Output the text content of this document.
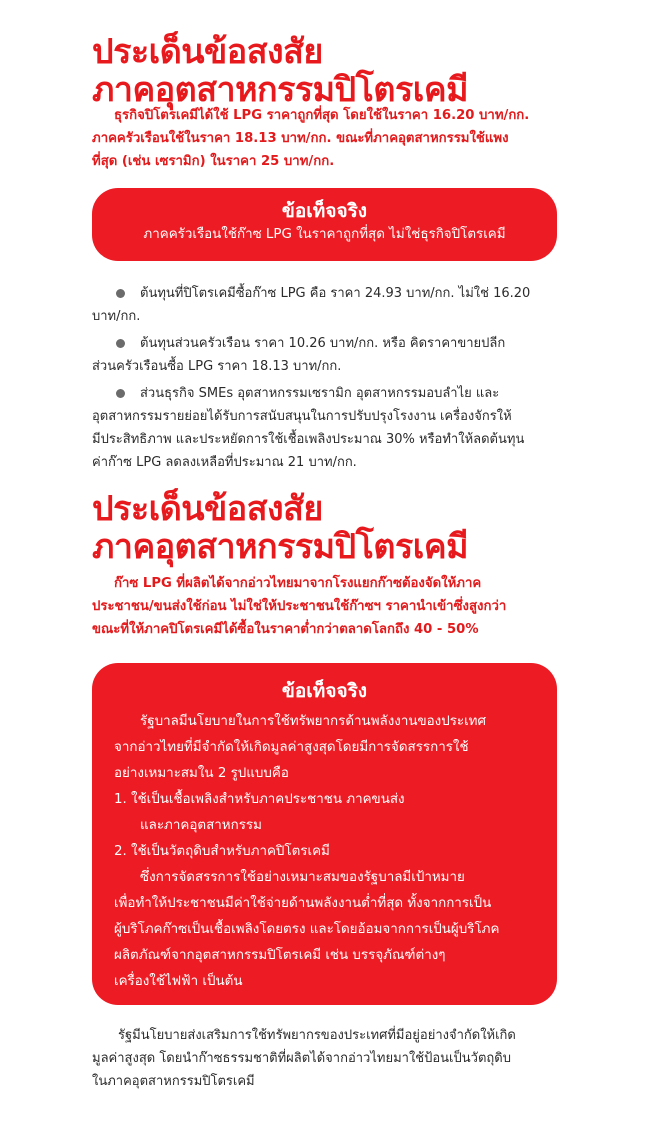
ประเด็นข้อสงสัย
ภาคอุตสาหกรรมปิโตรเคมี

ธุรกิจปิโตรเคมีได้ใช้ LPG ราคาถูกที่สุด โดยใช้ในราคา 16.20 บาท/กก.
ภาคครัวเรือนใช้ในราคา 18.13 บาท/กก. ขณะที่ภาคอุตสาหกรรมใช้แพง
ที่สุด (เช่น เซรามิก) ในราคา 25 บาท/กก.

ข้อเท็จจริง

ภาคครัวเรือนใช้ก๊าซ LPG ในราคาถูกที่สุด ไม่ใช่ธุรกิจปิโตรเคมี
ต้นทุนที่ปิโตรเคมีซื้อก๊าซ LPG คือ ราคา 24.93 บาท/กก. ไม่ใช่ 16.20
บาท/กก.
ต้นทุนส่วนครัวเรือน ราคา 10.26 บาท/กก. หรือ คิดราคาขายปลีก
ส่วนครัวเรือนซื้อ LPG ราคา 18.13 บาท/กก.
ส่วนธุรกิจ SMEs อุตสาหกรรมเซรามิก อุตสาหกรรมอบลำไย และ
อุตสาหกรรมรายย่อยได้รับการสนับสนุนในการปรับปรุงโรงงาน เครื่องจักรให้
มีประสิทธิภาพ และประหยัดการใช้เชื้อเพลิงประมาณ 30% หรือทำให้ลดต้นทุน
ค่าก๊าซ LPG ลดลงเหลือที่ประมาณ 21 บาท/กก.
ประเด็นข้อสงสัย
ภาคอุตสาหกรรมปิโตรเคมี

ก๊าซ LPG ที่ผลิตได้จากอ่าวไทยมาจากโรงแยกก๊าซต้องจัดให้ภาค
ประชาชน/ขนส่งใช้ก่อน ไม่ใช่ให้ประชาชนใช้ก๊าซฯ ราคานำเข้าซึ่งสูงกว่า
ขณะที่ให้ภาคปิโตรเคมีได้ซื้อในราคาต่ำกว่าตลาดโลกถึง 40 - 50%

ข้อเท็จจริง

รัฐบาลมีนโยบายในการใช้ทรัพยากรด้านพลังงานของประเทศ
จากอ่าวไทยที่มีจำกัดให้เกิดมูลค่าสูงสุดโดยมีการจัดสรรการใช้
อย่างเหมาะสมใน 2 รูปแบบคือ
1. ใช้เป็นเชื้อเพลิงสำหรับภาคประชาชน ภาคขนส่ง
และภาคอุตสาหกรรม
2. ใช้เป็นวัตถุดิบสำหรับภาคปิโตรเคมี
ซึ่งการจัดสรรการใช้อย่างเหมาะสมของรัฐบาลมีเป้าหมาย
เพื่อทำให้ประชาชนมีค่าใช้จ่ายด้านพลังงานต่ำที่สุด ทั้งจากการเป็น
ผู้บริโภคก๊าซเป็นเชื้อเพลิงโดยตรง และโดยอ้อมจากการเป็นผู้บริโภค
ผลิตภัณฑ์จากอุตสาหกรรมปิโตรเคมี เช่น บรรจุภัณฑ์ต่างๆ
เครื่องใช้ไฟฟ้า เป็นต้น

รัฐมีนโยบายส่งเสริมการใช้ทรัพยากรของประเทศที่มีอยู่อย่างจำกัดให้เกิด
มูลค่าสูงสุด โดยนำก๊าซธรรมชาติที่ผลิตได้จากอ่าวไทยมาใช้ป้อนเป็นวัตถุดิบ
ในภาคอุตสาหกรรมปิโตรเคมี
